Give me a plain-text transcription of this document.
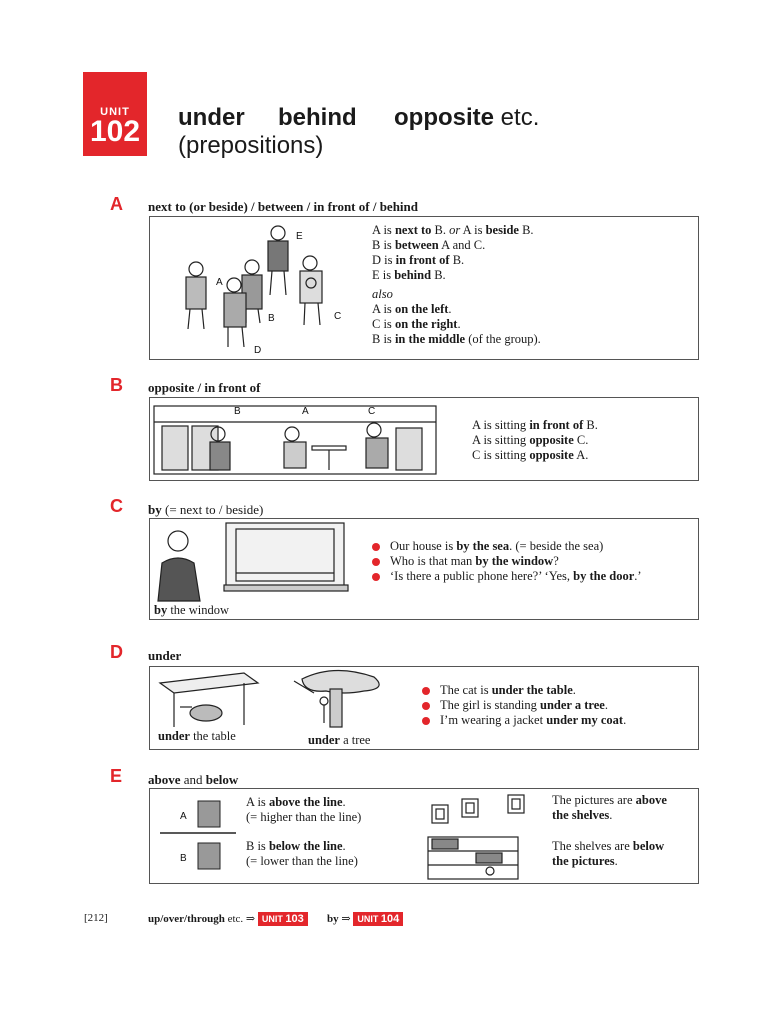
UNIT
102 under behind opposite etc.
(prepositions)
A next to (or beside) / between / in front of / behind
A
B	C
D
E	A is next to B. or A is beside B.
B is between A and C.
D is in front of B.
E is behind B.
also
A is on the left.
C is on the right.
B is in the middle (of the group).
B opposite / in front of
B	A	C
A is sitting in front of B.
A is sitting opposite C.
C is sitting opposite A.
C by (= next to / beside)
by the window
Our house is by the sea. (= beside the sea)
Who is that man by the window?
‘Is there a public phone here?’ ‘Yes, by the door.’
D under
under the table	under a tree
The cat is under the table.
The girl is standing under a tree.
I’m wearing a jacket under my coat.
E above and below
A
B
A is above the line.
(= higher than the line)
B is below the line.
(= lower than the line)
The pictures are above
the shelves.
The shelves are below
the pictures.
[212]	up/over/through etc. ⇒ UNIT 103 by ⇒ UNIT 104
